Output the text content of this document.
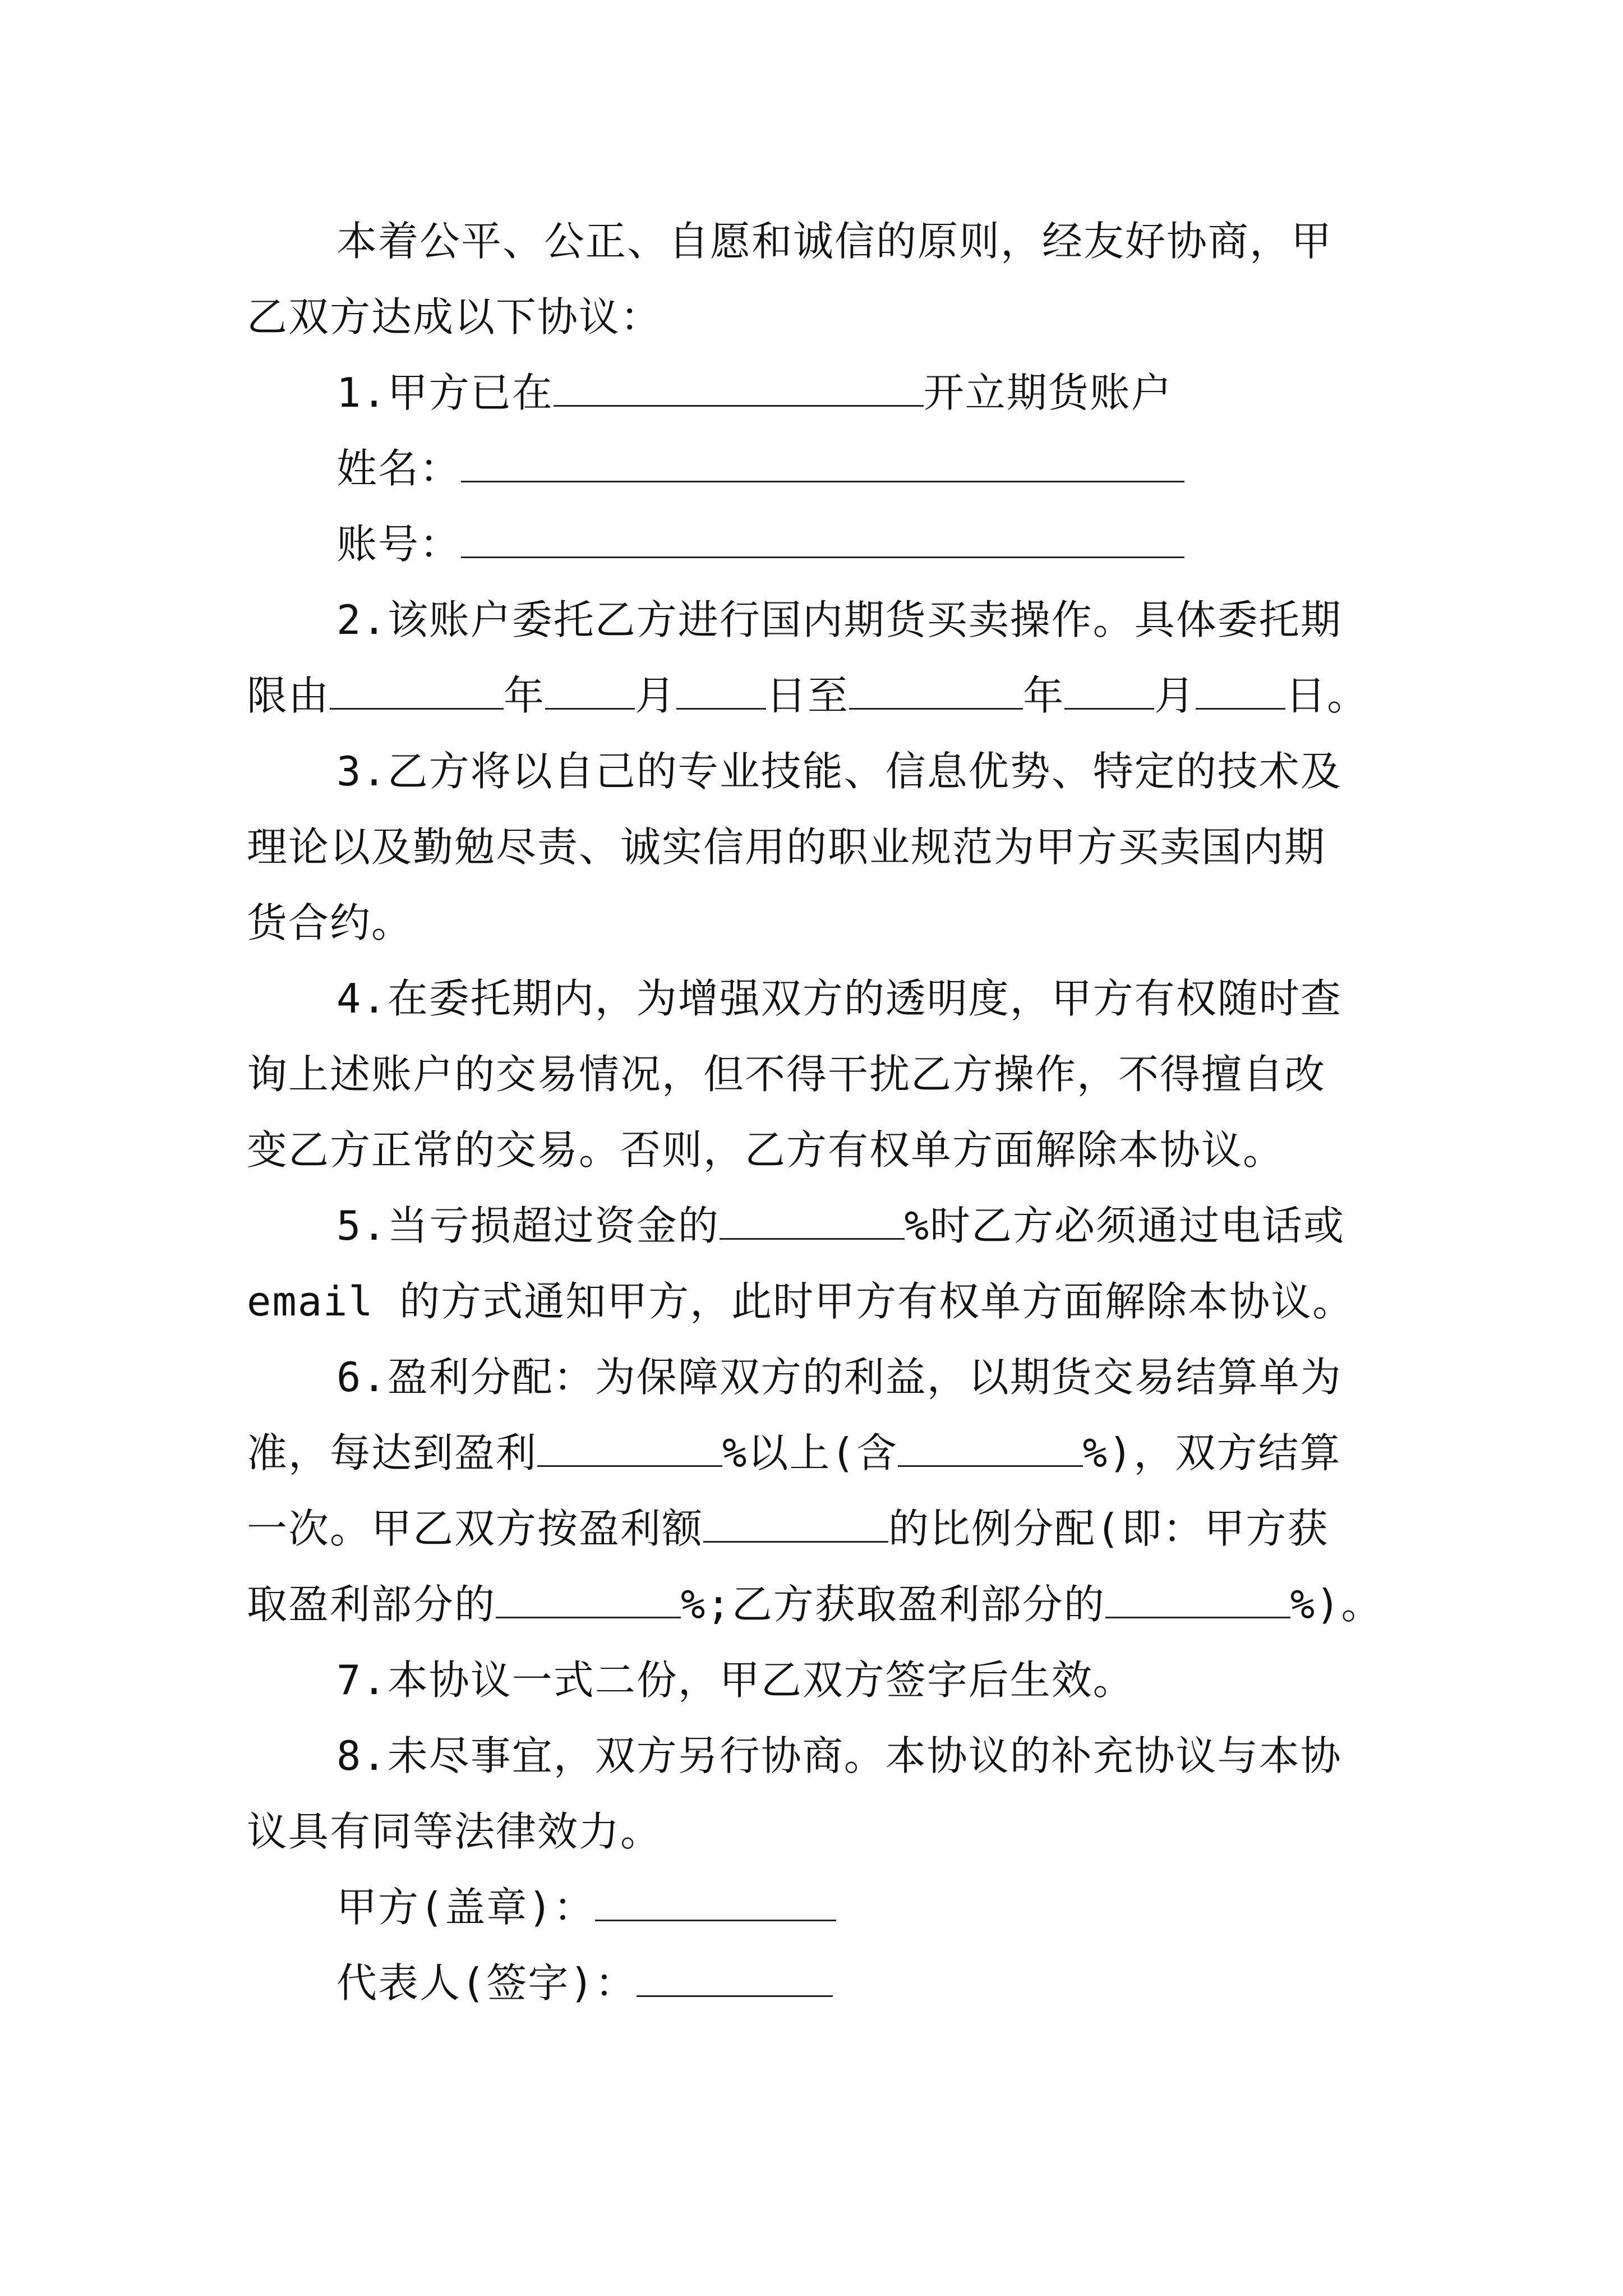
本着公平、公正、自愿和诚信的原则，经友好协商，甲
乙双方达成以下协议：
1.甲方已在	开立期货账户
姓名：
账号：
2.该账户委托乙方进行国内期货买卖操作。具体委托期
限由	年 月 日至	年 月 日。
3.乙方将以自己的专业技能、信息优势、特定的技术及
理论以及勤勉尽责、诚实信用的职业规范为甲方买卖国内期
货合约。
4.在委托期内，为增强双方的透明度，甲方有权随时查
询上述账户的交易情况，但不得干扰乙方操作，不得擅自改
变乙方正常的交易。否则，乙方有权单方面解除本协议。
5.当亏损超过资金的	%时乙方必须通过电话或
email 的方式通知甲方，此时甲方有权单方面解除本协议。
6.盈利分配：为保障双方的利益，以期货交易结算单为
准，每达到盈利	%以上(含	%)，双方结算
一次。甲乙双方按盈利额	的比例分配(即：甲方获
取盈利部分的	%;乙方获取盈利部分的	%)。
7.本协议一式二份，甲乙双方签字后生效。
8.未尽事宜，双方另行协商。本协议的补充协议与本协
议具有同等法律效力。
甲方(盖章)：
代表人(签字)：
